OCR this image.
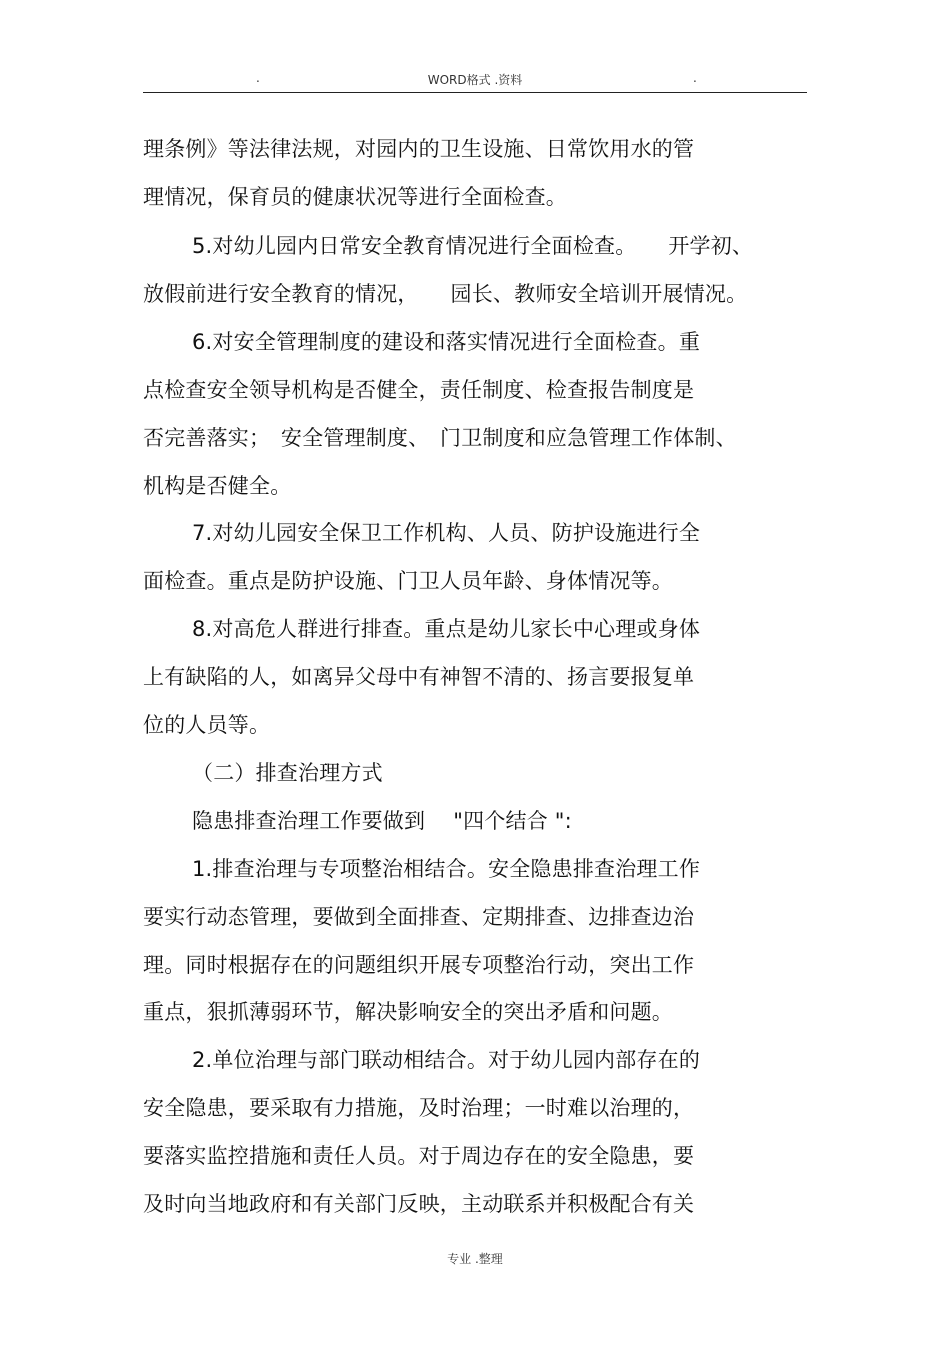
.	WORD格式 .资料	.
理条例》等法律法规，对园内的卫生设施、日常饮用水的管
理情况，保育员的健康状况等进行全面检查。
5.对幼儿园内日常安全教育情况进行全面检查。　　开学初、
放假前进行安全教育的情况，　　园长、教师安全培训开展情况。
6.对安全管理制度的建设和落实情况进行全面检查。重
点检查安全领导机构是否健全，责任制度、检查报告制度是
否完善落实；　安全管理制度、　门卫制度和应急管理工作体制、
机构是否健全。
7.对幼儿园安全保卫工作机构、人员、防护设施进行全
面检查。重点是防护设施、门卫人员年龄、身体情况等。
8.对高危人群进行排查。重点是幼儿家长中心理或身体
上有缺陷的人，如离异父母中有神智不清的、扬言要报复单
位的人员等。
（二）排查治理方式
隐患排查治理工作要做到　 "四个结合 ":
1.排查治理与专项整治相结合。安全隐患排查治理工作
要实行动态管理，要做到全面排查、定期排查、边排查边治
理。同时根据存在的问题组织开展专项整治行动，突出工作
重点，狠抓薄弱环节，解决影响安全的突出矛盾和问题。
2.单位治理与部门联动相结合。对于幼儿园内部存在的
安全隐患，要采取有力措施，及时治理；一时难以治理的，
要落实监控措施和责任人员。对于周边存在的安全隐患，要
及时向当地政府和有关部门反映，主动联系并积极配合有关
专业 .整理
